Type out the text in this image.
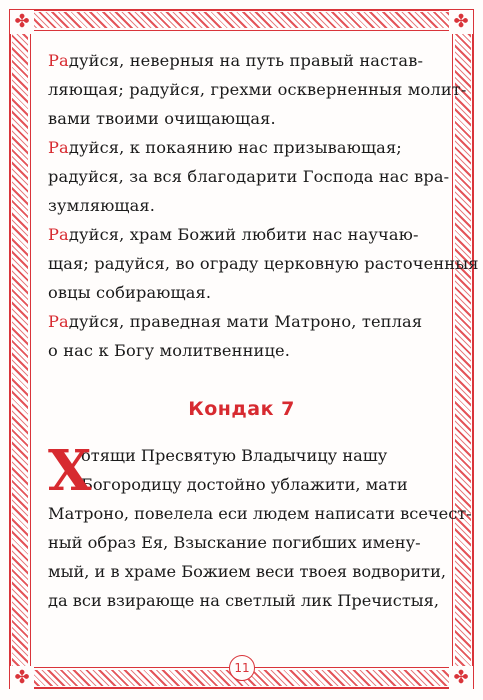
✤	✤
✤	✤
Радуйся, неверныя на путь правый настав-
ляющая; радуйся, грехми оскверненныя молит-
вами твоими очищающая.
Радуйся, к покаянию нас призывающая;
радуйся, за вся благодарити Господа нас вра-
зумляющая.
Радуйся, храм Божий любити нас научаю-
щая; радуйся, во ограду церковную расточенныя
овцы собирающая.
Радуйся, праведная мати Матроно, теплая
о нас к Богу молитвеннице.
Кондак 7
Х
отящи Пресвятую Владычицу нашу
Богородицу достойно ублажити, мати
Матроно, повелела еси людем написати всечест-
ный образ Ея, Взыскание погибших имену-
мый, и в храме Божием веси твоея водворити,
да вси взирающе на светлый лик Пречистыя,
11
